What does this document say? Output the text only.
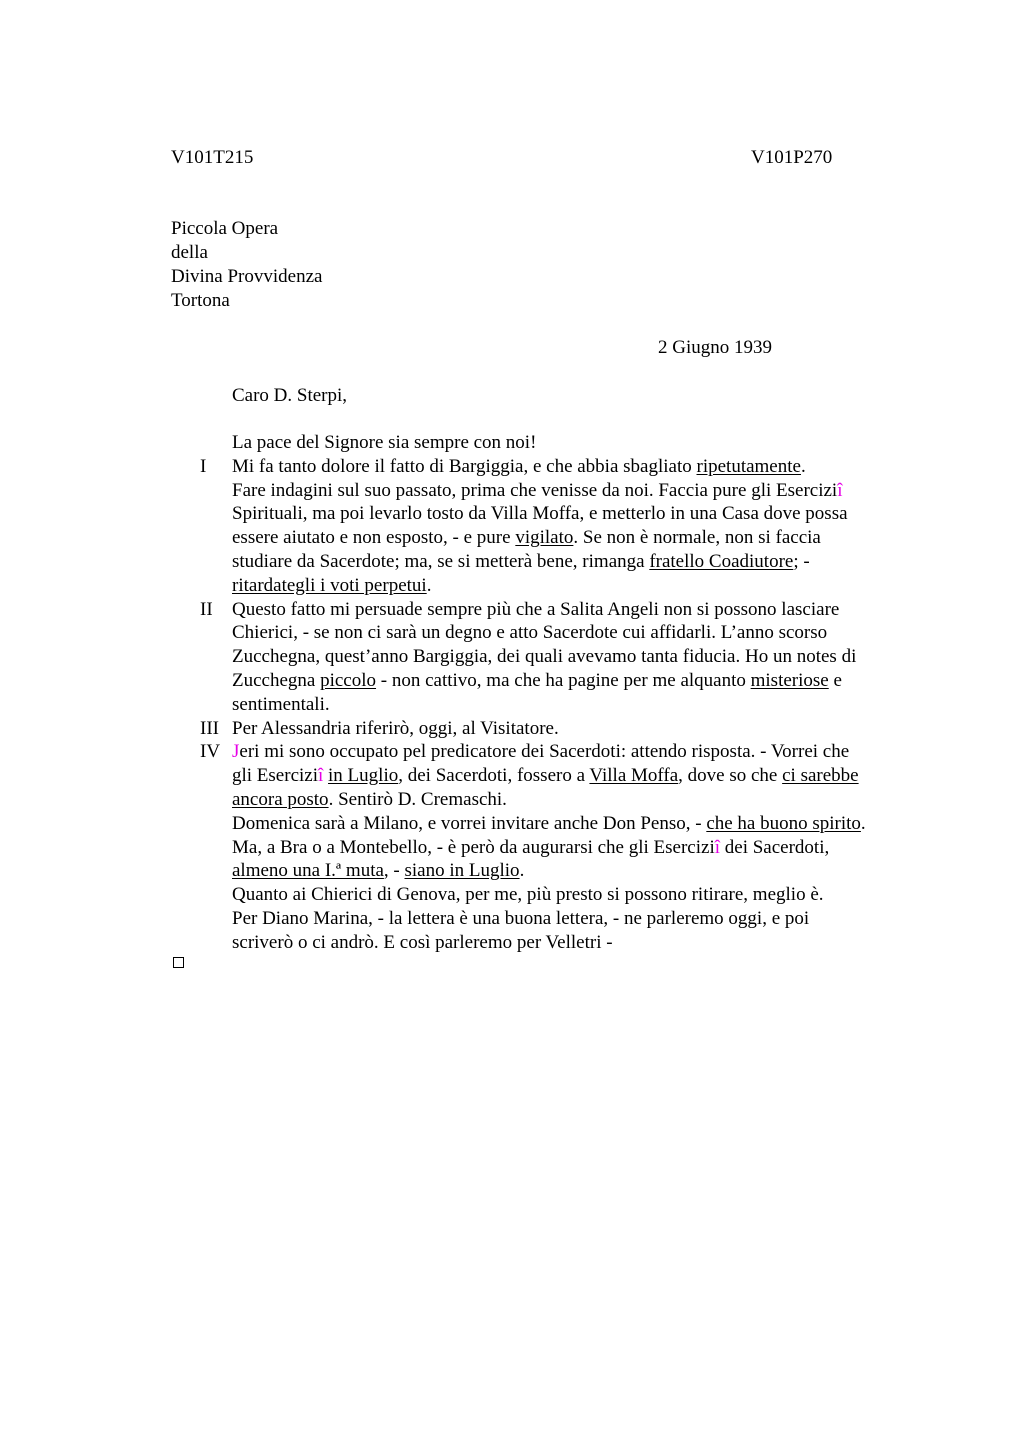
V101T215	V101P270
Piccola Opera
della
Divina Provvidenza
Tortona
2 Giugno 1939
Caro D. Sterpi,
La pace del Signore sia sempre con noi!
I	Mi fa tanto dolore il fatto di Bargiggia, e che abbia sbagliato ripetutamente.
Fare indagini sul suo passato, prima che venisse da noi. Faccia pure gli Eserciziî
Spirituali, ma poi levarlo tosto da Villa Moffa, e metterlo in una Casa dove possa
essere aiutato e non esposto, - e pure vigilato. Se non è normale, non si faccia
studiare da Sacerdote; ma, se si metterà bene, rimanga fratello Coadiutore; -
ritardategli i voti perpetui.
II	Questo fatto mi persuade sempre più che a Salita Angeli non si possono lasciare
Chierici, - se non ci sarà un degno e atto Sacerdote cui affidarli. L’anno scorso
Zucchegna, quest’anno Bargiggia, dei quali avevamo tanta fiducia. Ho un notes di
Zucchegna piccolo - non cattivo, ma che ha pagine per me alquanto misteriose e
sentimentali.
III Per Alessandria riferirò, oggi, al Visitatore.
IV Jeri mi sono occupato pel predicatore dei Sacerdoti: attendo risposta. - Vorrei che
gli Eserciziî in Luglio, dei Sacerdoti, fossero a Villa Moffa, dove so che ci sarebbe
ancora posto. Sentirò D. Cremaschi.
Domenica sarà a Milano, e vorrei invitare anche Don Penso, - che ha buono spirito.
Ma, a Bra o a Montebello, - è però da augurarsi che gli Eserciziî dei Sacerdoti,
almeno una I.ª muta, - siano in Luglio.
Quanto ai Chierici di Genova, per me, più presto si possono ritirare, meglio è.
Per Diano Marina, - la lettera è una buona lettera, - ne parleremo oggi, e poi
scriverò o ci andrò. E così parleremo per Velletri -
